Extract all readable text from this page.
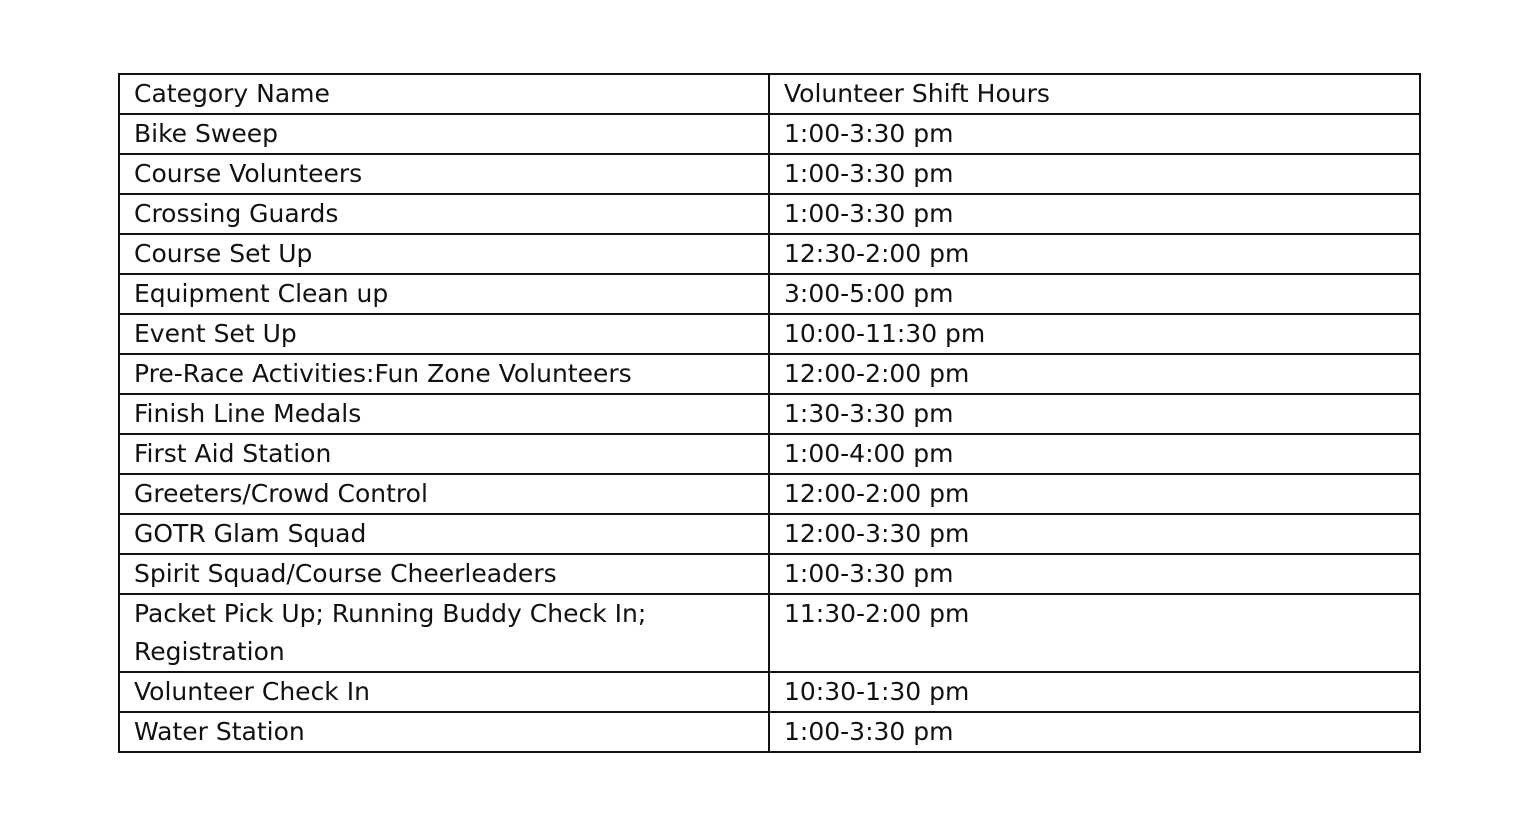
Category Name	Volunteer Shift Hours
Bike Sweep	1:00-3:30 pm
Course Volunteers	1:00-3:30 pm
Crossing Guards	1:00-3:30 pm
Course Set Up	12:30-2:00 pm
Equipment Clean up	3:00-5:00 pm
Event Set Up	10:00-11:30 pm
Pre-Race Activities:Fun Zone Volunteers	12:00-2:00 pm
Finish Line Medals	1:30-3:30 pm
First Aid Station	1:00-4:00 pm
Greeters/Crowd Control	12:00-2:00 pm
GOTR Glam Squad	12:00-3:30 pm
Spirit Squad/Course Cheerleaders	1:00-3:30 pm
Packet Pick Up; Running Buddy Check In; Registration	11:30-2:00 pm
Volunteer Check In	10:30-1:30 pm
Water Station	1:00-3:30 pm
